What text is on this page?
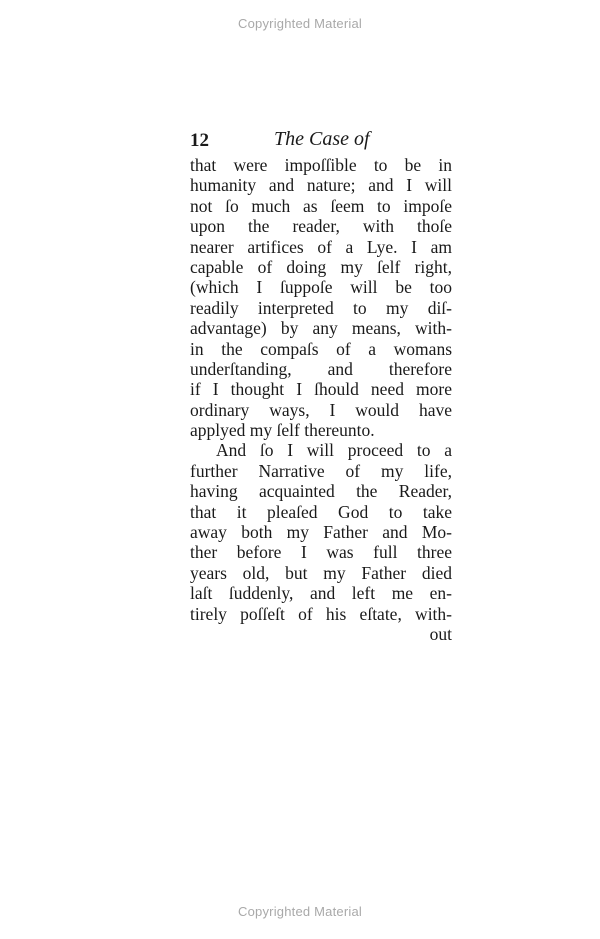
Copyrighted Material
12	The Case of
that were impoſſible to be in
humanity and nature; and I will
not ſo much as ſeem to impoſe
upon the reader, with thoſe
nearer artifices of a Lye. I am
capable of doing my ſelf right,
(which I ſuppoſe will be too
readily interpreted to my diſ-
advantage) by any means, with-
in the compaſs of a womans
underſtanding, and therefore
if I thought I ſhould need more
ordinary ways, I would have
applyed my ſelf thereunto.
And ſo I will proceed to a
further Narrative of my life,
having acquainted the Reader,
that it pleaſed God to take
away both my Father and Mo-
ther before I was full three
years old, but my Father died
laſt ſuddenly, and left me en-
tirely poſſeſt of his eſtate, with-
out
Copyrighted Material
